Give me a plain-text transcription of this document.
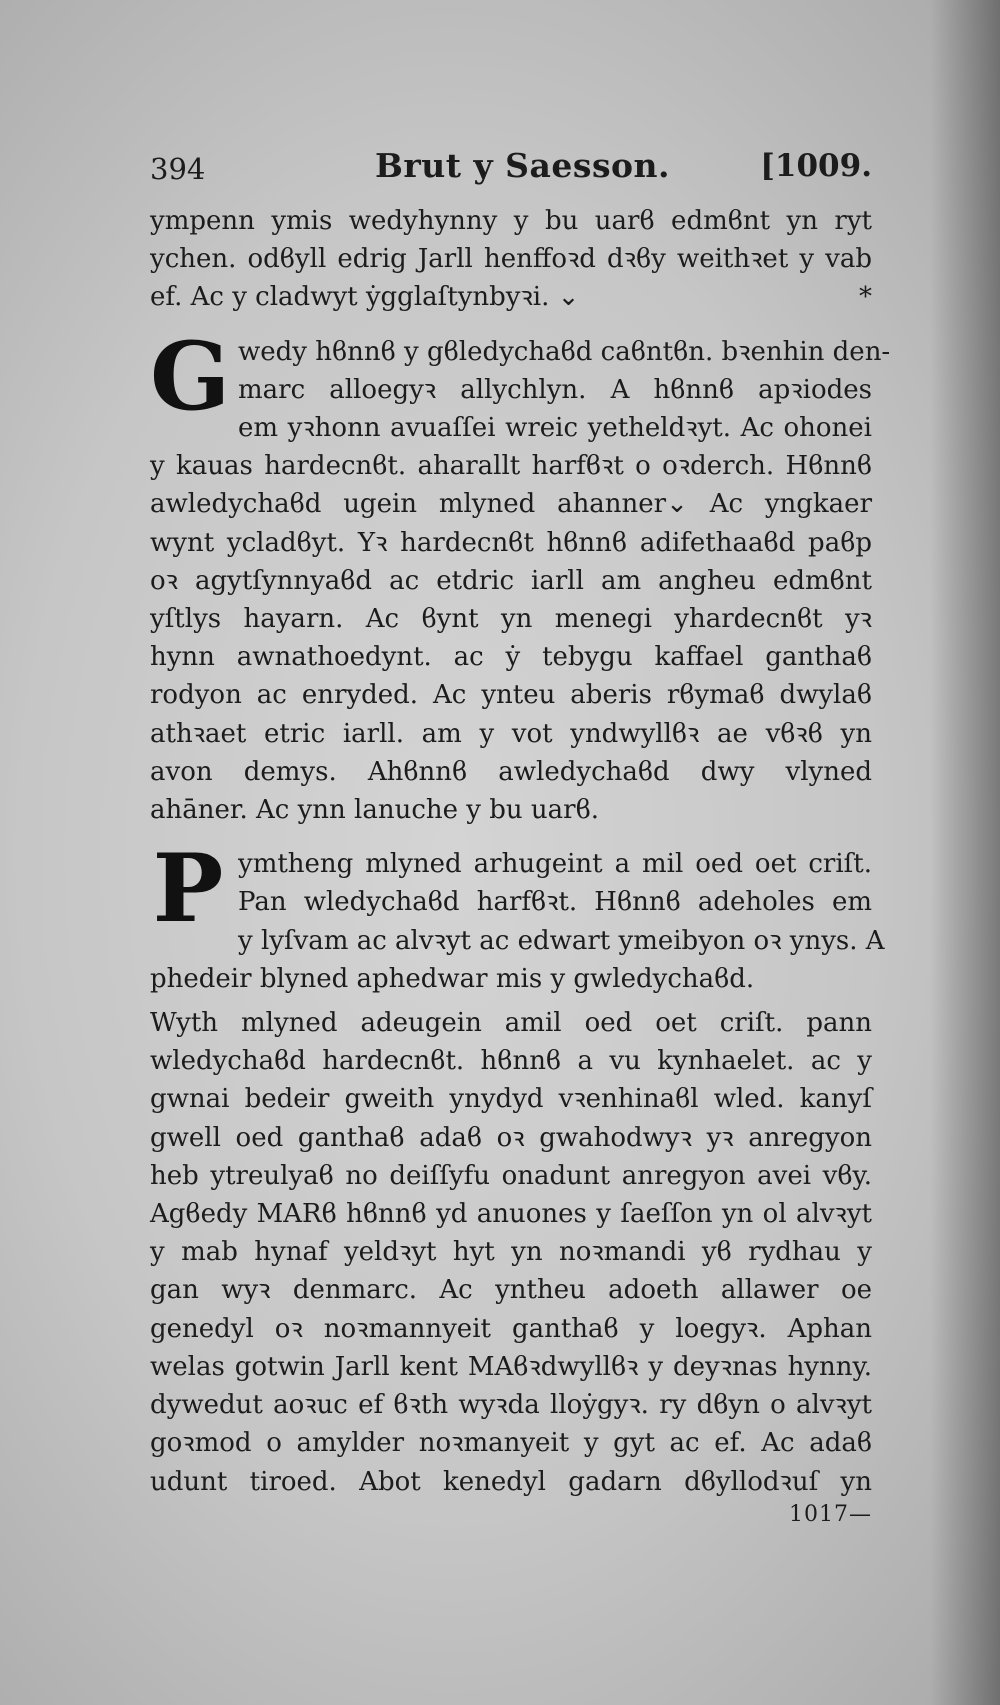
394	Brut y Saesson.	[1009.
ympenn ymis wedyhynny y bu uarϐ edmϐnt yn ryt
ychen. odϐyll edrig Jarll henffoꝛd dꝛϐy weithꝛet y vab
ef. Ac y cladwyt ẏgglaſtynbyꝛi. ⌄	*
G wedy hϐnnϐ y gϐledychaϐd caϐntϐn. bꝛenhin den-
marc alloegyꝛ allychlyn. A hϐnnϐ apꝛiodes
em yꝛhonn avuaſſei wreic yetheldꝛyt. Ac ohonei
y kauas hardecnϐt. aharallt harfϐꝛt o oꝛderch. Hϐnnϐ
awledychaϐd ugein mlyned ahanner⌄ Ac yngkaer
wynt ycladϐyt. Yꝛ hardecnϐt hϐnnϐ adifethaaϐd paϐp
oꝛ agytſynnyaϐd ac etdric iarll am angheu edmϐnt
yſtlys hayarn. Ac ϐynt yn menegi yhardecnϐt yꝛ
hynn awnathoedynt. ac ẏ tebygu kaffael ganthaϐ
rodyon ac enryded. Ac ynteu aberis rϐymaϐ dwylaϐ
athꝛaet etric iarll. am y vot yndwyllϐꝛ ae vϐꝛϐ yn
avon demys. Ahϐnnϐ awledychaϐd dwy vlyned
ahāner. Ac ynn lanuche y bu uarϐ.
P ymtheng mlyned arhugeint a mil oed oet criſt.
Pan wledychaϐd harfϐꝛt. Hϐnnϐ adeholes em
y lyſvam ac alvꝛyt ac edwart ymeibyon oꝛ ynys. A
phedeir blyned aphedwar mis y gwledychaϐd.
Wyth mlyned adeugein amil oed oet criſt. pann
wledychaϐd hardecnϐt. hϐnnϐ a vu kynhaelet. ac y
gwnai bedeir gweith ynydyd vꝛenhinaϐl wled. kanyſ
gwell oed ganthaϐ adaϐ oꝛ gwahodwyꝛ yꝛ anregyon
heb ytreulyaϐ no deiſſyfu onadunt anregyon avei vϐy.
Agϐedy MARϐ hϐnnϐ yd anuones y ſaeſſon yn ol alvꝛyt
y mab hynaf yeldꝛyt hyt yn noꝛmandi yϐ rydhau y
gan wyꝛ denmarc. Ac yntheu adoeth allawer oe
genedyl oꝛ noꝛmannyeit ganthaϐ y loegyꝛ. Aphan
welas gotwin Jarll kent MAϐꝛdwyllϐꝛ y deyꝛnas hynny.
dywedut aoꝛuc ef ϐꝛth wyꝛda lloẏgyꝛ. ry dϐyn o alvꝛyt
goꝛmod o amylder noꝛmanyeit y gyt ac ef. Ac adaϐ
udunt tiroed. Abot kenedyl gadarn dϐyllodꝛuſ yn
1017—
